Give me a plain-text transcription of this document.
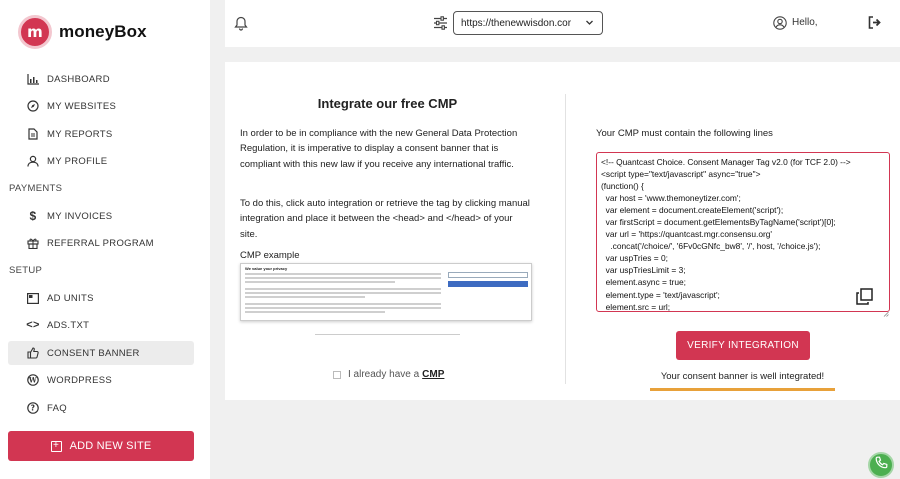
m moneyBox
DASHBOARD
MY WEBSITES
MY REPORTS
MY PROFILE
PAYMENTS
$	MY INVOICES
REFERRAL PROGRAM
SETUP
AD UNITS
<> ADS.TXT
CONSENT BANNER
W WORDPRESS
? FAQ
+ ADD NEW SITE
https://thenewwisdon.cor	Hello,
Integrate our free CMP
In order to be in compliance with the new General Data Protection Regulation, it is imperative to display a consent banner that is compliant with this new law if you receive any international traffic.
To do this, click auto integration or retrieve the tag by clicking manual integration and place it between the <head> and </head> of your site.
CMP example
We value your privacy
I already have a CMP
Your CMP must contain the following lines
<!-- Quantcast Choice. Consent Manager Tag v2.0 (for TCF 2.0) -->
<script type="text/javascript" async="true">
(function() {
var host = 'www.themoneytizer.com';
var element = document.createElement('script');
var firstScript = document.getElementsByTagName('script')[0];
var url = 'https://quantcast.mgr.consensu.org'
.concat('/choice/', '6Fv0cGNfc_bw8', '/', host, '/choice.js');
var uspTries = 0;
var uspTriesLimit = 3;
element.async = true;
element.type = 'text/javascript';
element.src = url;
VERIFY INTEGRATION
Your consent banner is well integrated!
